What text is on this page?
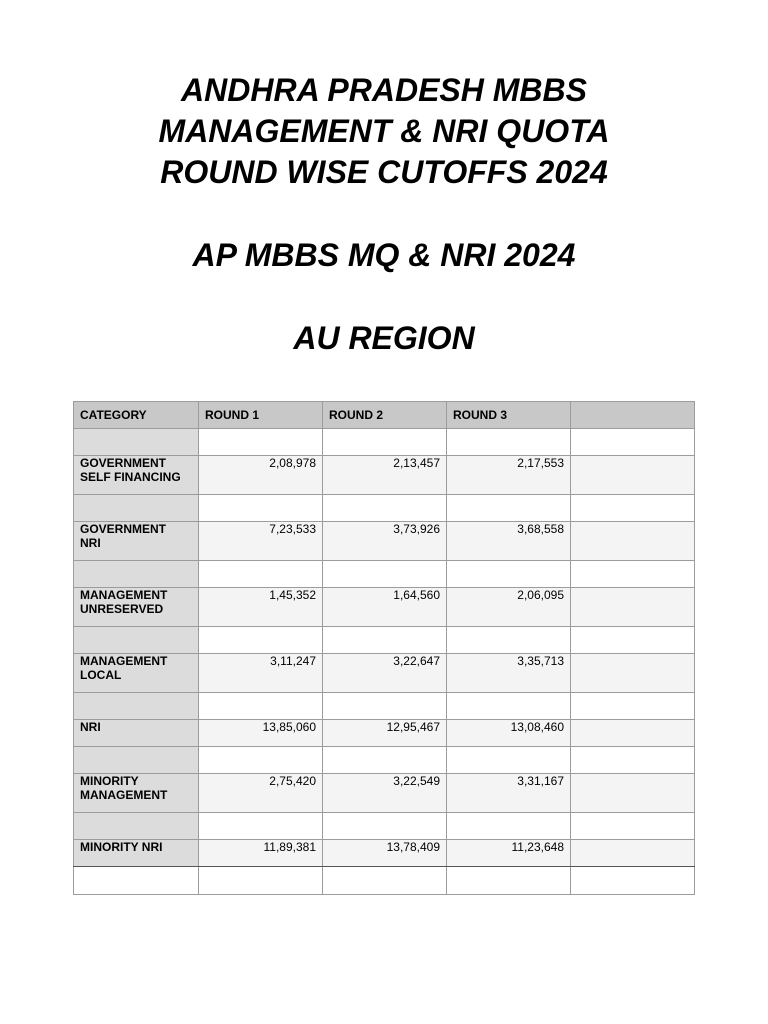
ANDHRA PRADESH MBBS

MANAGEMENT & NRI QUOTA

ROUND WISE CUTOFFS 2024

AP MBBS MQ & NRI 2024

AU REGION

CATEGORY	ROUND 1	ROUND 2	ROUND 3	

GOVERNMENT
SELF FINANCING	2,08,978	2,13,457	2,17,553	

GOVERNMENT
NRI	7,23,533	3,73,926	3,68,558	

MANAGEMENT
UNRESERVED	1,45,352	1,64,560	2,06,095	

MANAGEMENT
LOCAL	3,11,247	3,22,647	3,35,713	

NRI	13,85,060	12,95,467	13,08,460	

MINORITY
MANAGEMENT	2,75,420	3,22,549	3,31,167	

MINORITY NRI	11,89,381	13,78,409	11,23,648	
